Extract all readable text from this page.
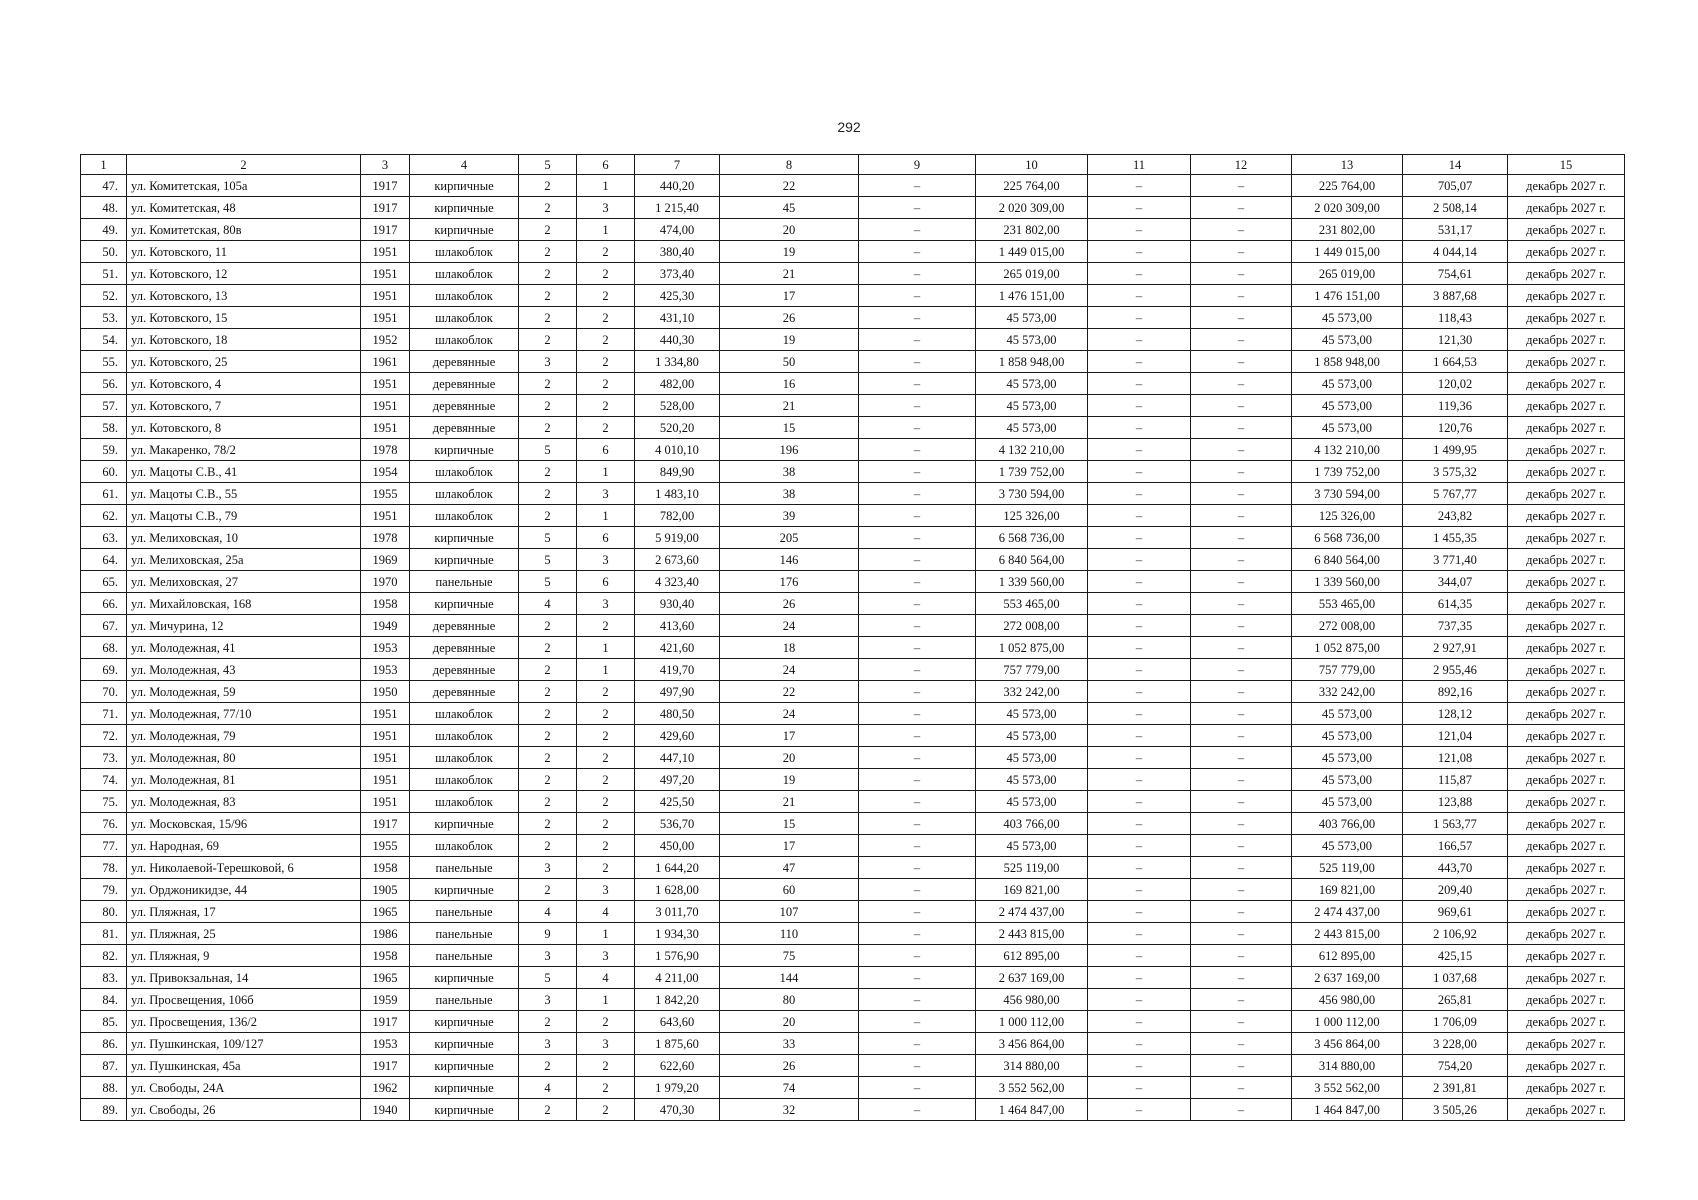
292
1	2	3	4	5	6	7	8	9	10	11	12	13	14	15
47.	ул. Комитетская, 105а	1917	кирпичные	2	1	440,20	22	–	225 764,00	–	–	225 764,00	705,07	декабрь 2027 г.
48.	ул. Комитетская, 48	1917	кирпичные	2	3	1 215,40	45	–	2 020 309,00	–	–	2 020 309,00	2 508,14	декабрь 2027 г.
49.	ул. Комитетская, 80в	1917	кирпичные	2	1	474,00	20	–	231 802,00	–	–	231 802,00	531,17	декабрь 2027 г.
50.	ул. Котовского, 11	1951	шлакоблок	2	2	380,40	19	–	1 449 015,00	–	–	1 449 015,00	4 044,14	декабрь 2027 г.
51.	ул. Котовского, 12	1951	шлакоблок	2	2	373,40	21	–	265 019,00	–	–	265 019,00	754,61	декабрь 2027 г.
52.	ул. Котовского, 13	1951	шлакоблок	2	2	425,30	17	–	1 476 151,00	–	–	1 476 151,00	3 887,68	декабрь 2027 г.
53.	ул. Котовского, 15	1951	шлакоблок	2	2	431,10	26	–	45 573,00	–	–	45 573,00	118,43	декабрь 2027 г.
54.	ул. Котовского, 18	1952	шлакоблок	2	2	440,30	19	–	45 573,00	–	–	45 573,00	121,30	декабрь 2027 г.
55.	ул. Котовского, 25	1961	деревянные	3	2	1 334,80	50	–	1 858 948,00	–	–	1 858 948,00	1 664,53	декабрь 2027 г.
56.	ул. Котовского, 4	1951	деревянные	2	2	482,00	16	–	45 573,00	–	–	45 573,00	120,02	декабрь 2027 г.
57.	ул. Котовского, 7	1951	деревянные	2	2	528,00	21	–	45 573,00	–	–	45 573,00	119,36	декабрь 2027 г.
58.	ул. Котовского, 8	1951	деревянные	2	2	520,20	15	–	45 573,00	–	–	45 573,00	120,76	декабрь 2027 г.
59.	ул. Макаренко, 78/2	1978	кирпичные	5	6	4 010,10	196	–	4 132 210,00	–	–	4 132 210,00	1 499,95	декабрь 2027 г.
60.	ул. Мацоты С.В., 41	1954	шлакоблок	2	1	849,90	38	–	1 739 752,00	–	–	1 739 752,00	3 575,32	декабрь 2027 г.
61.	ул. Мацоты С.В., 55	1955	шлакоблок	2	3	1 483,10	38	–	3 730 594,00	–	–	3 730 594,00	5 767,77	декабрь 2027 г.
62.	ул. Мацоты С.В., 79	1951	шлакоблок	2	1	782,00	39	–	125 326,00	–	–	125 326,00	243,82	декабрь 2027 г.
63.	ул. Мелиховская, 10	1978	кирпичные	5	6	5 919,00	205	–	6 568 736,00	–	–	6 568 736,00	1 455,35	декабрь 2027 г.
64.	ул. Мелиховская, 25а	1969	кирпичные	5	3	2 673,60	146	–	6 840 564,00	–	–	6 840 564,00	3 771,40	декабрь 2027 г.
65.	ул. Мелиховская, 27	1970	панельные	5	6	4 323,40	176	–	1 339 560,00	–	–	1 339 560,00	344,07	декабрь 2027 г.
66.	ул. Михайловская, 168	1958	кирпичные	4	3	930,40	26	–	553 465,00	–	–	553 465,00	614,35	декабрь 2027 г.
67.	ул. Мичурина, 12	1949	деревянные	2	2	413,60	24	–	272 008,00	–	–	272 008,00	737,35	декабрь 2027 г.
68.	ул. Молодежная, 41	1953	деревянные	2	1	421,60	18	–	1 052 875,00	–	–	1 052 875,00	2 927,91	декабрь 2027 г.
69.	ул. Молодежная, 43	1953	деревянные	2	1	419,70	24	–	757 779,00	–	–	757 779,00	2 955,46	декабрь 2027 г.
70.	ул. Молодежная, 59	1950	деревянные	2	2	497,90	22	–	332 242,00	–	–	332 242,00	892,16	декабрь 2027 г.
71.	ул. Молодежная, 77/10	1951	шлакоблок	2	2	480,50	24	–	45 573,00	–	–	45 573,00	128,12	декабрь 2027 г.
72.	ул. Молодежная, 79	1951	шлакоблок	2	2	429,60	17	–	45 573,00	–	–	45 573,00	121,04	декабрь 2027 г.
73.	ул. Молодежная, 80	1951	шлакоблок	2	2	447,10	20	–	45 573,00	–	–	45 573,00	121,08	декабрь 2027 г.
74.	ул. Молодежная, 81	1951	шлакоблок	2	2	497,20	19	–	45 573,00	–	–	45 573,00	115,87	декабрь 2027 г.
75.	ул. Молодежная, 83	1951	шлакоблок	2	2	425,50	21	–	45 573,00	–	–	45 573,00	123,88	декабрь 2027 г.
76.	ул. Московская, 15/96	1917	кирпичные	2	2	536,70	15	–	403 766,00	–	–	403 766,00	1 563,77	декабрь 2027 г.
77.	ул. Народная, 69	1955	шлакоблок	2	2	450,00	17	–	45 573,00	–	–	45 573,00	166,57	декабрь 2027 г.
78.	ул. Николаевой-Терешковой, 6	1958	панельные	3	2	1 644,20	47	–	525 119,00	–	–	525 119,00	443,70	декабрь 2027 г.
79.	ул. Орджоникидзе, 44	1905	кирпичные	2	3	1 628,00	60	–	169 821,00	–	–	169 821,00	209,40	декабрь 2027 г.
80.	ул. Пляжная, 17	1965	панельные	4	4	3 011,70	107	–	2 474 437,00	–	–	2 474 437,00	969,61	декабрь 2027 г.
81.	ул. Пляжная, 25	1986	панельные	9	1	1 934,30	110	–	2 443 815,00	–	–	2 443 815,00	2 106,92	декабрь 2027 г.
82.	ул. Пляжная, 9	1958	панельные	3	3	1 576,90	75	–	612 895,00	–	–	612 895,00	425,15	декабрь 2027 г.
83.	ул. Привокзальная, 14	1965	кирпичные	5	4	4 211,00	144	–	2 637 169,00	–	–	2 637 169,00	1 037,68	декабрь 2027 г.
84.	ул. Просвещения, 106б	1959	панельные	3	1	1 842,20	80	–	456 980,00	–	–	456 980,00	265,81	декабрь 2027 г.
85.	ул. Просвещения, 136/2	1917	кирпичные	2	2	643,60	20	–	1 000 112,00	–	–	1 000 112,00	1 706,09	декабрь 2027 г.
86.	ул. Пушкинская, 109/127	1953	кирпичные	3	3	1 875,60	33	–	3 456 864,00	–	–	3 456 864,00	3 228,00	декабрь 2027 г.
87.	ул. Пушкинская, 45а	1917	кирпичные	2	2	622,60	26	–	314 880,00	–	–	314 880,00	754,20	декабрь 2027 г.
88.	ул. Свободы, 24А	1962	кирпичные	4	2	1 979,20	74	–	3 552 562,00	–	–	3 552 562,00	2 391,81	декабрь 2027 г.
89.	ул. Свободы, 26	1940	кирпичные	2	2	470,30	32	–	1 464 847,00	–	–	1 464 847,00	3 505,26	декабрь 2027 г.
